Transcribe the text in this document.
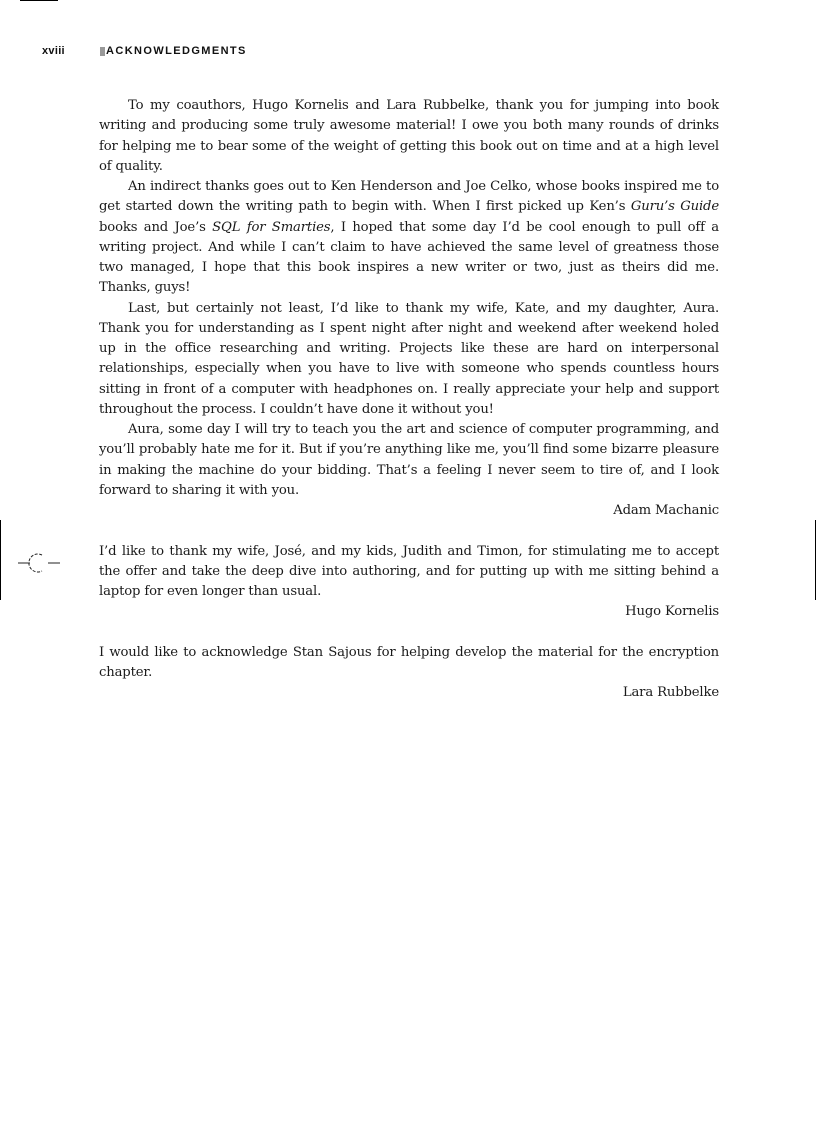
xviii	ACKNOWLEDGMENTS

To my coauthors, Hugo Kornelis and Lara Rubbelke, thank you for jumping into book writing and producing some truly awesome material! I owe you both many rounds of drinks for helping me to bear some of the weight of getting this book out on time and at a high level of quality.

An indirect thanks goes out to Ken Henderson and Joe Celko, whose books inspired me to get started down the writing path to begin with. When I first picked up Ken’s Guru’s Guide books and Joe’s SQL for Smarties, I hoped that some day I’d be cool enough to pull off a writing project. And while I can’t claim to have achieved the same level of greatness those two managed, I hope that this book inspires a new writer or two, just as theirs did me. Thanks, guys!

Last, but certainly not least, I’d like to thank my wife, Kate, and my daughter, Aura. Thank you for understanding as I spent night after night and weekend after weekend holed up in the office researching and writing. Projects like these are hard on interpersonal relationships, especially when you have to live with someone who spends countless hours sitting in front of a computer with headphones on. I really appreciate your help and support throughout the process. I couldn’t have done it without you!

Aura, some day I will try to teach you the art and science of computer programming, and you’ll probably hate me for it. But if you’re anything like me, you’ll find some bizarre pleasure in making the machine do your bidding. That’s a feeling I never seem to tire of, and I look forward to sharing it with you.

Adam Machanic

I’d like to thank my wife, José, and my kids, Judith and Timon, for stimulating me to accept the offer and take the deep dive into authoring, and for putting up with me sitting behind a laptop for even longer than usual.

Hugo Kornelis

I would like to acknowledge Stan Sajous for helping develop the material for the encryption chapter.

Lara Rubbelke
